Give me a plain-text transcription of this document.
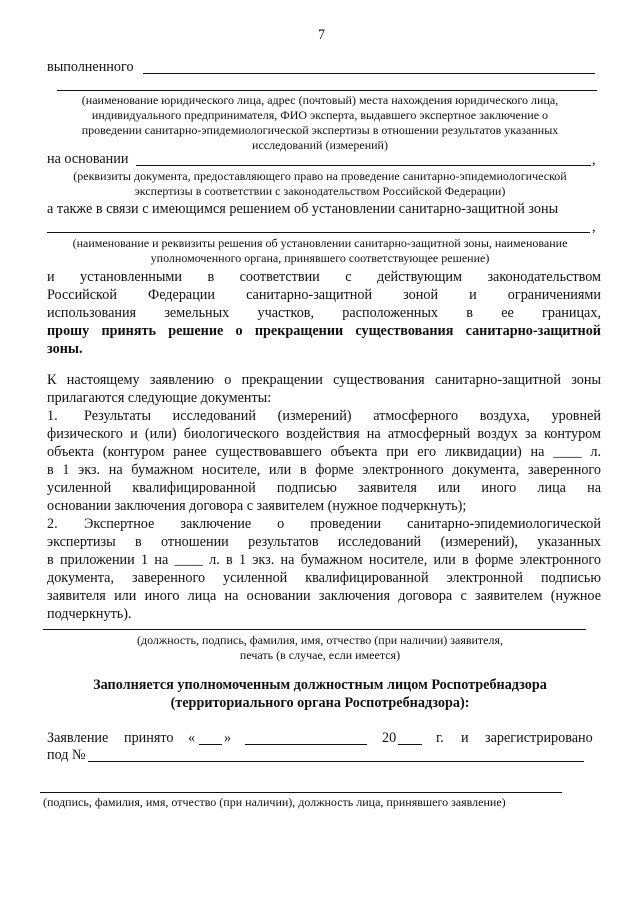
7
выполненного
(наименование юридического лица, адрес (почтовый) места нахождения юридического лица,
индивидуального предпринимателя, ФИО эксперта, выдавшего экспертное заключение о
проведении санитарно-эпидемиологической экспертизы в отношении результатов указанных
исследований (измерений)
на основании	,
(реквизиты документа, предоставляющего право на проведение санитарно-эпидемиологической
экспертизы в соответствии с законодательством Российской Федерации)
а также в связи с имеющимся решением об установлении санитарно-защитной зоны
,
(наименование и реквизиты решения об установлении санитарно-защитной зоны, наименование
уполномоченного органа, принявшего соответствующее решение)
и установленными в соответствии с действующим законодательством
Российской Федерации санитарно-защитной зоной и ограничениями
использования земельных участков, расположенных в ее границах,
прошу принять решение о прекращении существования санитарно-защитной
зоны.
К настоящему заявлению о прекращении существования санитарно-защитной зоны
прилагаются следующие документы:
1.	Результаты исследований (измерений) атмосферного воздуха, уровней
физического и (или) биологического воздействия на атмосферный воздух за контуром
объекта (контуром ранее существовавшего объекта при его ликвидации) на ____ л.
в 1 экз. на бумажном носителе, или в форме электронного документа, заверенного
усиленной квалифицированной подписью заявителя или иного лица на
основании заключения договора с заявителем (нужное подчеркнуть);
2.	Экспертное заключение о проведении санитарно-эпидемиологической
экспертизы в отношении результатов исследований (измерений), указанных
в приложении 1 на ____ л. в 1 экз. на бумажном носителе, или в форме электронного
документа, заверенного усиленной квалифицированной электронной подписью
заявителя или иного лица на основании заключения договора с заявителем (нужное
подчеркнуть).
(должность, подпись, фамилия, имя, отчество (при наличии) заявителя,
печать (в случае, если имеется)
Заполняется уполномоченным должностным лицом Роспотребнадзора
(территориального органа Роспотребнадзора):
Заявление принято « »	20	г. и зарегистрировано
под №
(подпись, фамилия, имя, отчество (при наличии), должность лица, принявшего заявление)
